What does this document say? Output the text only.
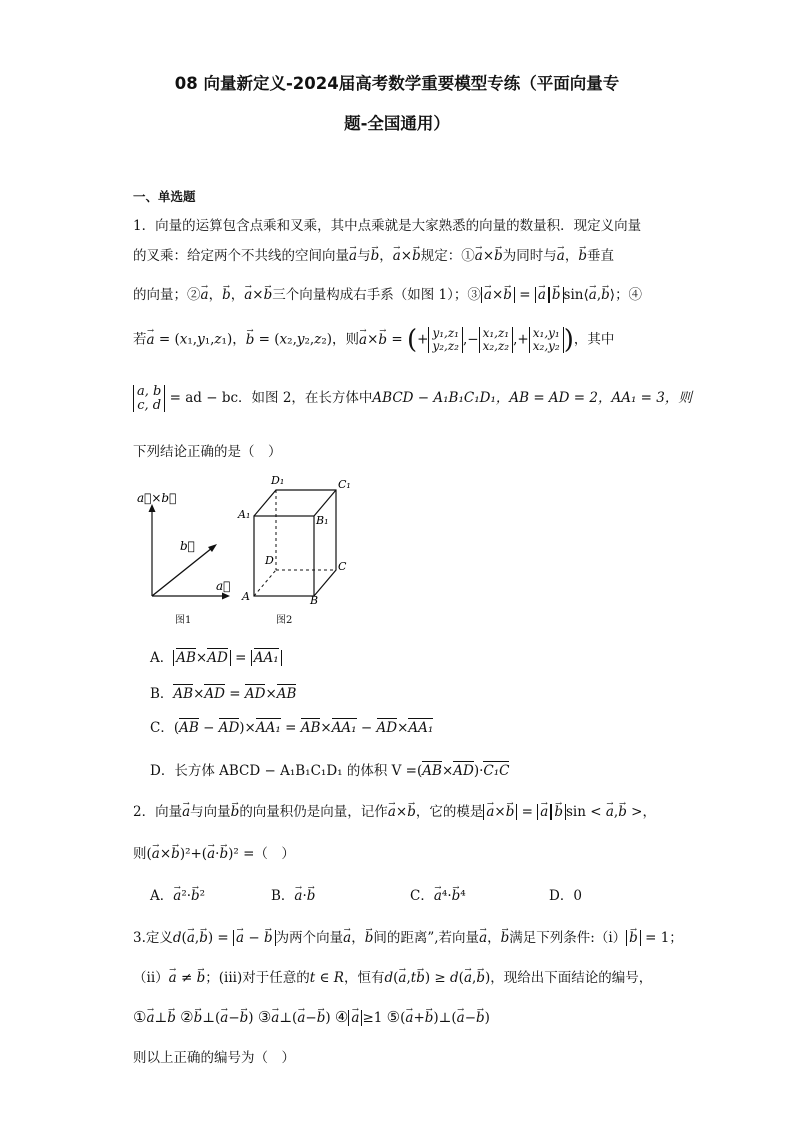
08 向量新定义-2024届高考数学重要模型专练（平面向量专
题-全国通用）
一、单选题
1．向量的运算包含点乘和叉乘，其中点乘就是大家熟悉的向量的数量积．现定义向量
的叉乘：给定两个不共线的空间向量→ a与→ b，→ a×→ b规定：①→ a×→ b为同时与→ a，→ b垂直
的向量；②→ a，→ b，→ a×→ b三个向量构成右手系（如图 1）；③ → a×→ b = → a → b sin⟨→ a,→ b⟩；④
若→ a = (x₁,y₁,z₁)，→ b = (x₂,y₂,z₂)，则→ a×→ b = (+ y₁,z₁
y₂,z₂ ,− x₁,z₁
x₂,z₂ ,+ x₁,y₁
x₂,y₂ )，其中
a, b
c, d = ad − bc．如图 2，在长方体中ABCD − A₁B₁C₁D₁，AB = AD = 2，AA₁ = 3，则
下列结论正确的是（　）
a⃗×b⃗
b⃗
a⃗
D₁	C₁
A₁	B₁
D	C
A	B
图1	图2
A． AB×AD = AA₁
B．AB×AD = AD×AB
C．(AB − AD)×AA₁ = AB×AA₁ − AD×AA₁
D．长方体 ABCD − A₁B₁C₁D₁ 的体积 V =(AB×AD)·C₁C
2．向量→ a与向量→ b的向量积仍是向量，记作→ a×→ b，它的模是 → a×→ b = → a → b sin < → a,→ b >，
则(→ a×→ b)²+(→ a·→ b)² =（　）
A．→ a²·→ b²	B．→ a·→ b	C．→ a⁴·→ b⁴	D．0
3.定义d(→ a,→ b) = → a − → b 为两个向量→ a，→ b间的距离”,若向量→ a，→ b满足下列条件:（i） → b = 1；
（ii）→ a ≠ → b；(iii)对于任意的t ∈ R，恒有d(→ a,t→ b) ≥ d(→ a,→ b)，现给出下面结论的编号，
①→ a⊥→ b ②→ b⊥(→ a−→ b) ③→ a⊥(→ a−→ b) ④ → a ≥1 ⑤(→ a+→ b)⊥(→ a−→ b)
则以上正确的编号为（　）
